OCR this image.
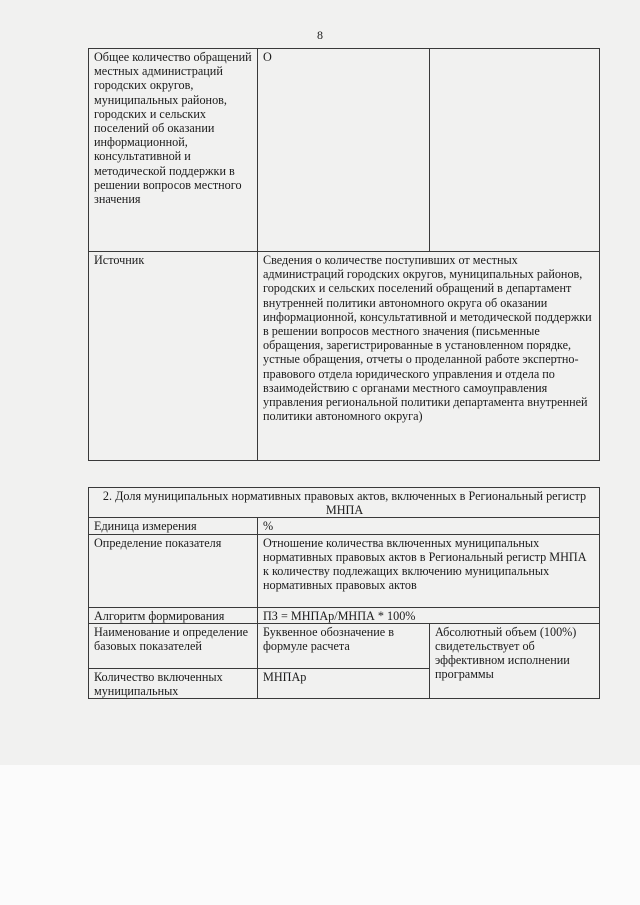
8
Общее количество обращений местных администраций городских округов, муниципальных районов, городских и сельских поселений об оказании информационной, консультативной и методической поддержки в решении вопросов местного значения	O	
Источник	Сведения о количестве поступивших от местных администраций городских округов, муниципальных районов, городских и сельских поселений обращений в департамент внутренней политики автономного округа об оказании информационной, консультативной и методической поддержки в решении вопросов местного значения (письменные обращения, зарегистрированные в установленном порядке, устные обращения, отчеты о проделанной работе экспертно-правового отдела юридического управления и отдела по взаимодействию с органами местного самоуправления управления региональной политики департамента внутренней политики автономного округа)	
2. Доля муниципальных нормативных правовых актов, включенных в Региональный регистр МНПА		
Единица измерения	%	
Определение показателя	Отношение количества включенных муниципальных нормативных правовых актов в Региональный регистр МНПА к количеству подлежащих включению муниципальных нормативных правовых актов	
Алгоритм формирования	ПЗ = МНПАр/МНПА * 100%	
Наименование и определение базовых показателей	Буквенное обозначение в формуле расчета	Абсолютный объем (100%) свидетельствует об эффективном исполнении программы
Количество включенных муниципальных	МНПАр	
